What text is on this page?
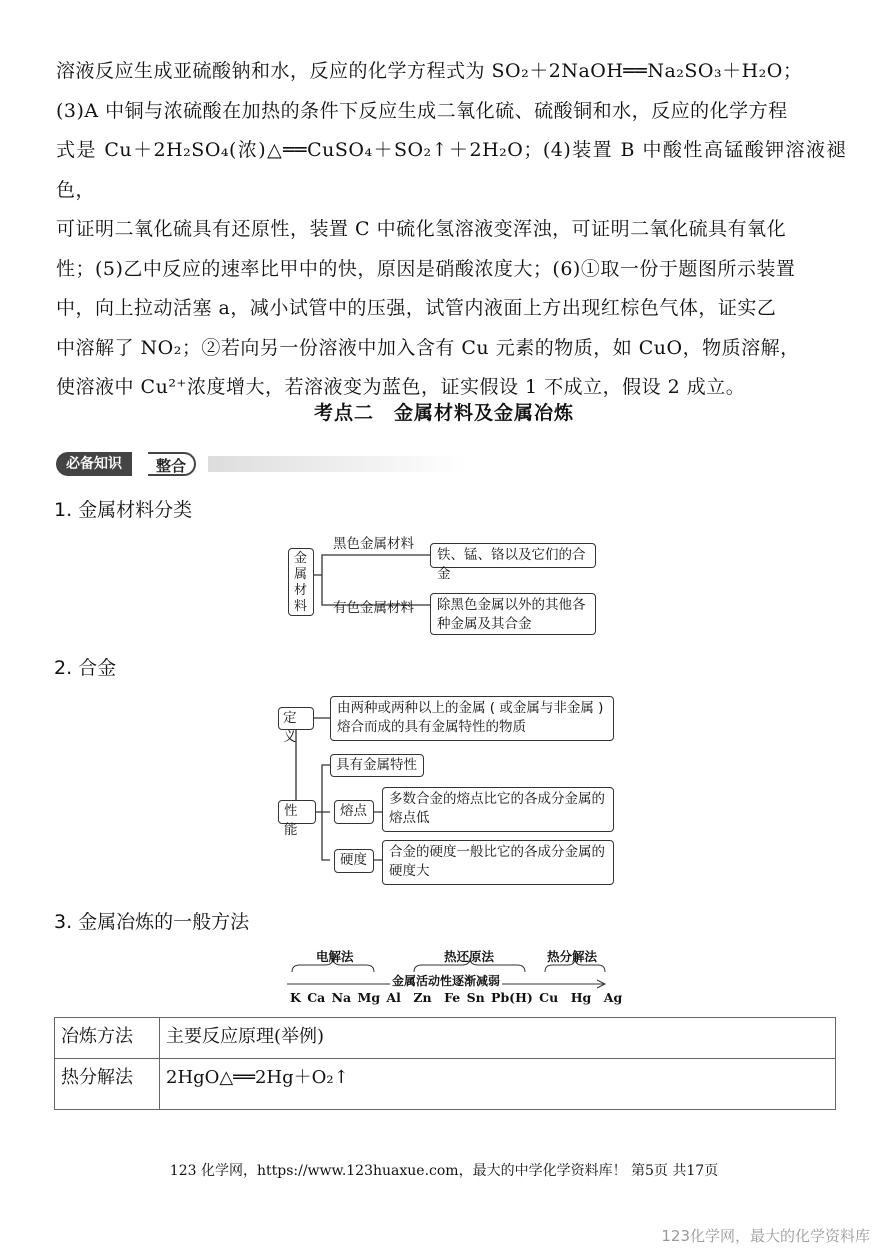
溶液反应生成亚硫酸钠和水，反应的化学方程式为 SO₂＋2NaOH══Na₂SO₃＋H₂O；

(3)A 中铜与浓硫酸在加热的条件下反应生成二氧化硫、硫酸铜和水，反应的化学方程

式是 Cu＋2H₂SO₄(浓)△══CuSO₄＋SO₂↑＋2H₂O；(4)装置 B 中酸性高锰酸钾溶液褪色，

可证明二氧化硫具有还原性，装置 C 中硫化氢溶液变浑浊，可证明二氧化硫具有氧化

性；(5)乙中反应的速率比甲中的快，原因是硝酸浓度大；(6)①取一份于题图所示装置

中，向上拉动活塞 a，减小试管中的压强，试管内液面上方出现红棕色气体，证实乙

中溶解了 NO₂；②若向另一份溶液中加入含有 Cu 元素的物质，如 CuO，物质溶解，

使溶液中 Cu²⁺浓度增大，若溶液变为蓝色，证实假设 1 不成立，假设 2 成立。

考点二　金属材料及金属冶炼
必备知识	整合
1. 金属材料分类
金属材料
黑色金属材料
铁、锰、铬以及它们的合金
有色金属材料	除黑色金属以外的其他各种金属及其合金
2. 合金
定义
由两种或两种以上的金属 ( 或金属与非金属 ) 熔合而成的具有金属特性的物质
性能
具有金属特性
熔点
多数合金的熔点比它的各成分金属的熔点低
硬度	合金的硬度一般比它的各成分金属的硬度大
3. 金属冶炼的一般方法
电解法	热还原法	热分解法
金属活动性逐渐减弱
K Ca Na Mg Al　Zn　Fe Sn Pb(H) Cu　Hg　Ag
冶炼方法	主要反应原理(举例)
热分解法	2HgO△══2Hg＋O₂↑
123 化学网，https://www.123huaxue.com，最大的中学化学资料库！ 第5页 共17页
123化学网，最大的化学资料库
